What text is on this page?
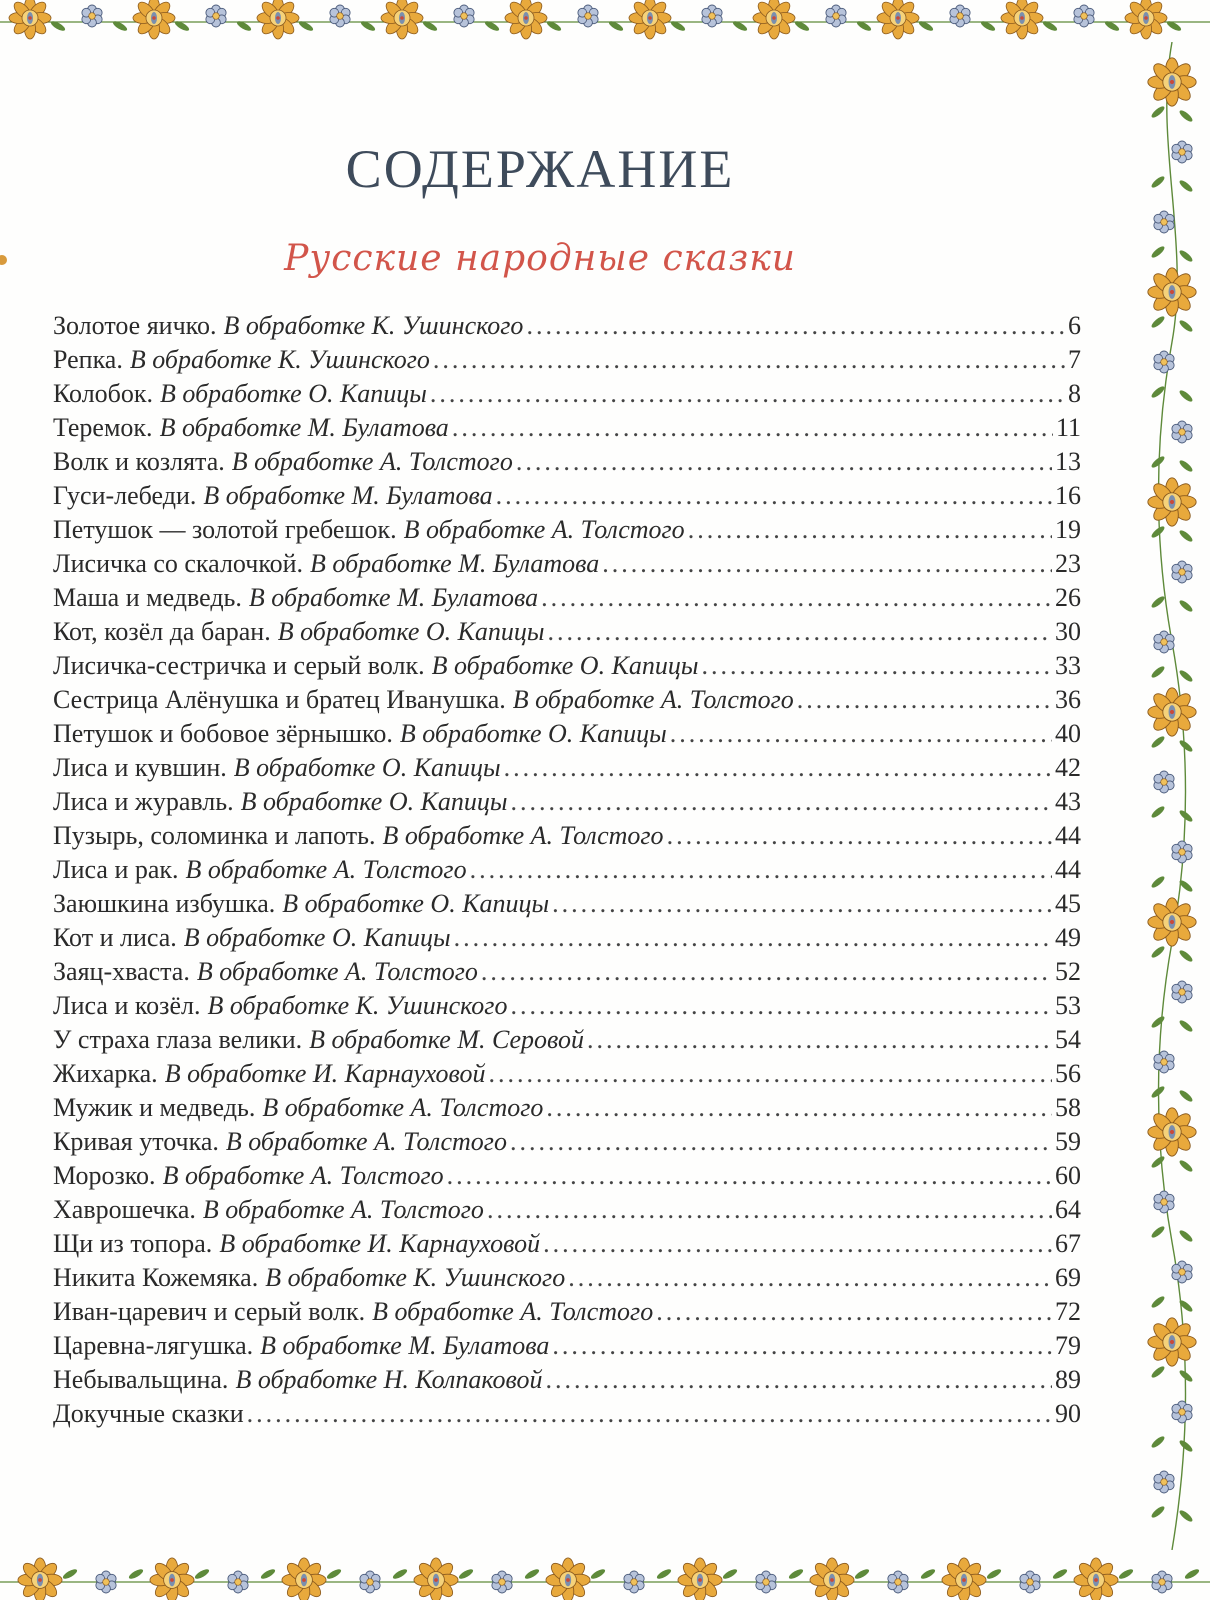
СОДЕРЖАНИЕ
Русские народные сказки
Золотое яичко. В обработке К. Ушинского .....	6
Репка. В обработке К. Ушинского .....	7
Колобок. В обработке О. Капицы .....	8
Теремок. В обработке М. Булатова .....	11
Волк и козлята. В обработке А. Толстого .....	13
Гуси-лебеди. В обработке М. Булатова .....	16
Петушок — золотой гребешок. В обработке А. Толстого .....	19
Лисичка со скалочкой. В обработке М. Булатова .....	23
Маша и медведь. В обработке М. Булатова .....	26
Кот, козёл да баран. В обработке О. Капицы .....	30
Лисичка-сестричка и серый волк. В обработке О. Капицы .....	33
Сестрица Алёнушка и братец Иванушка. В обработке А. Толстого .....	36
Петушок и бобовое зёрнышко. В обработке О. Капицы .....	40
Лиса и кувшин. В обработке О. Капицы .....	42
Лиса и журавль. В обработке О. Капицы .....	43
Пузырь, соломинка и лапоть. В обработке А. Толстого .....	44
Лиса и рак. В обработке А. Толстого .....	44
Заюшкина избушка. В обработке О. Капицы .....	45
Кот и лиса. В обработке О. Капицы .....	49
Заяц-хваста. В обработке А. Толстого .....	52
Лиса и козёл. В обработке К. Ушинского .....	53
У страха глаза велики. В обработке М. Серовой .....	54
Жихарка. В обработке И. Карнауховой .....	56
Мужик и медведь. В обработке А. Толстого .....	58
Кривая уточка. В обработке А. Толстого .....	59
Морозко. В обработке А. Толстого .....	60
Хаврошечка. В обработке А. Толстого .....	64
Щи из топора. В обработке И. Карнауховой .....	67
Никита Кожемяка. В обработке К. Ушинского .....	69
Иван-царевич и серый волк. В обработке А. Толстого .....	72
Царевна-лягушка. В обработке М. Булатова .....	79
Небывальщина. В обработке Н. Колпаковой .....	89
Докучные сказки .....	90
